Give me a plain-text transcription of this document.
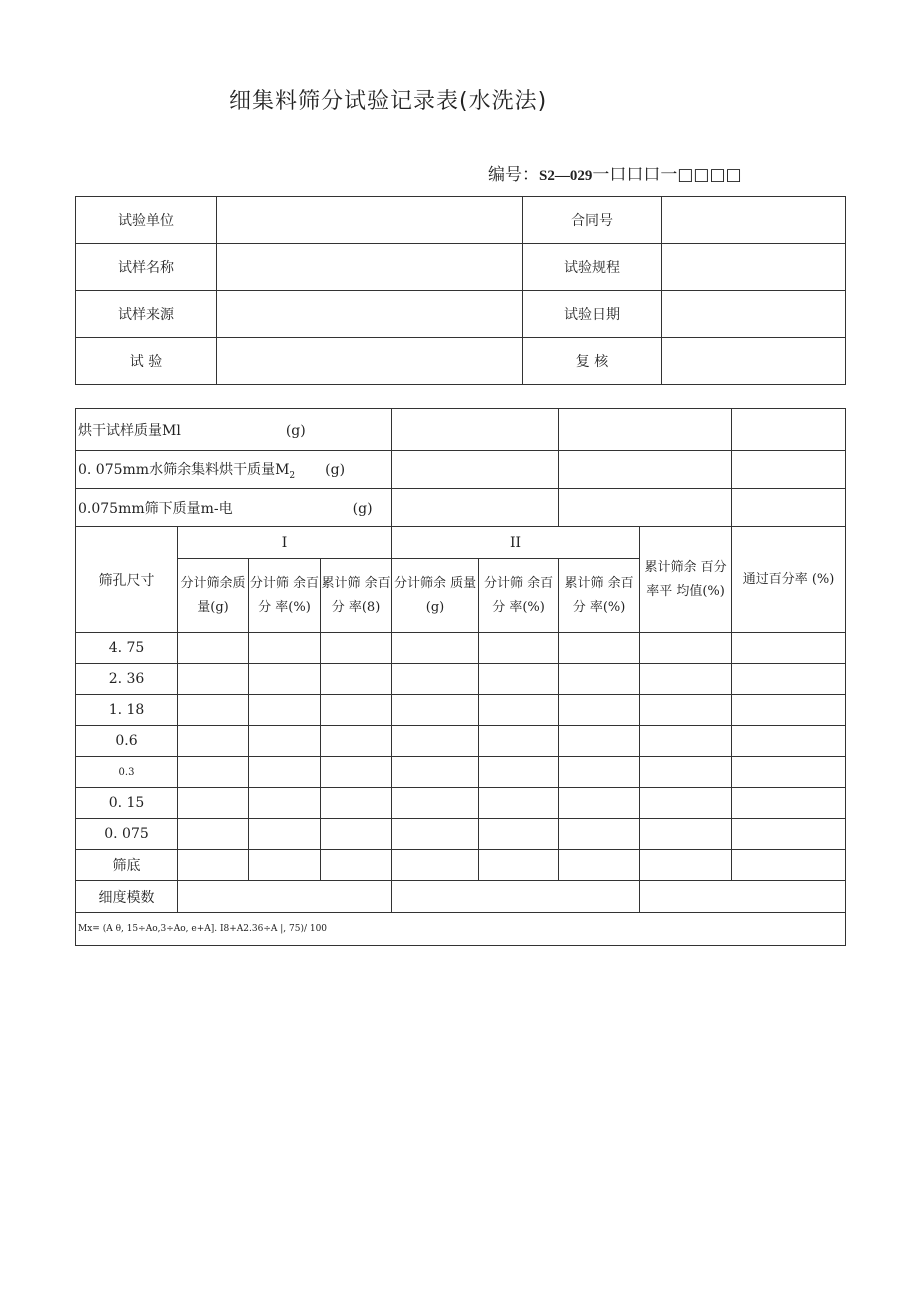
细集料筛分试验记录表(水洗法)
编号：S2—029一口口口一□□□□
试验单位		合同号	
试样名称		试验规程	
试样来源		试验日期	
试 验		复 核	
烘干试样质量Ml (g)								
0. 075mm水筛余集料烘干质量$M_2$ (g)								
0.075mm筛下质量m-电 (g)								
筛孔尺寸	I			II			累计筛余 百分率平 均值(%)	通过百分率 (%)
	分计筛余质量(g)	分计筛 余百分 率(%)	累计筛 余百分 率(8)	分计筛余 质量(g)	分计筛 余百分 率(%)	累计筛 余百分 率(%)		
4. 75								
2. 36								
1. 18								
0.6								
0.3								
0. 15								
0. 075								
筛底								
细度模数								
Mx= (A θ, 15÷Ao,3÷Ao, e+A]. I8+A2.36÷A |, 75)/ 100								
